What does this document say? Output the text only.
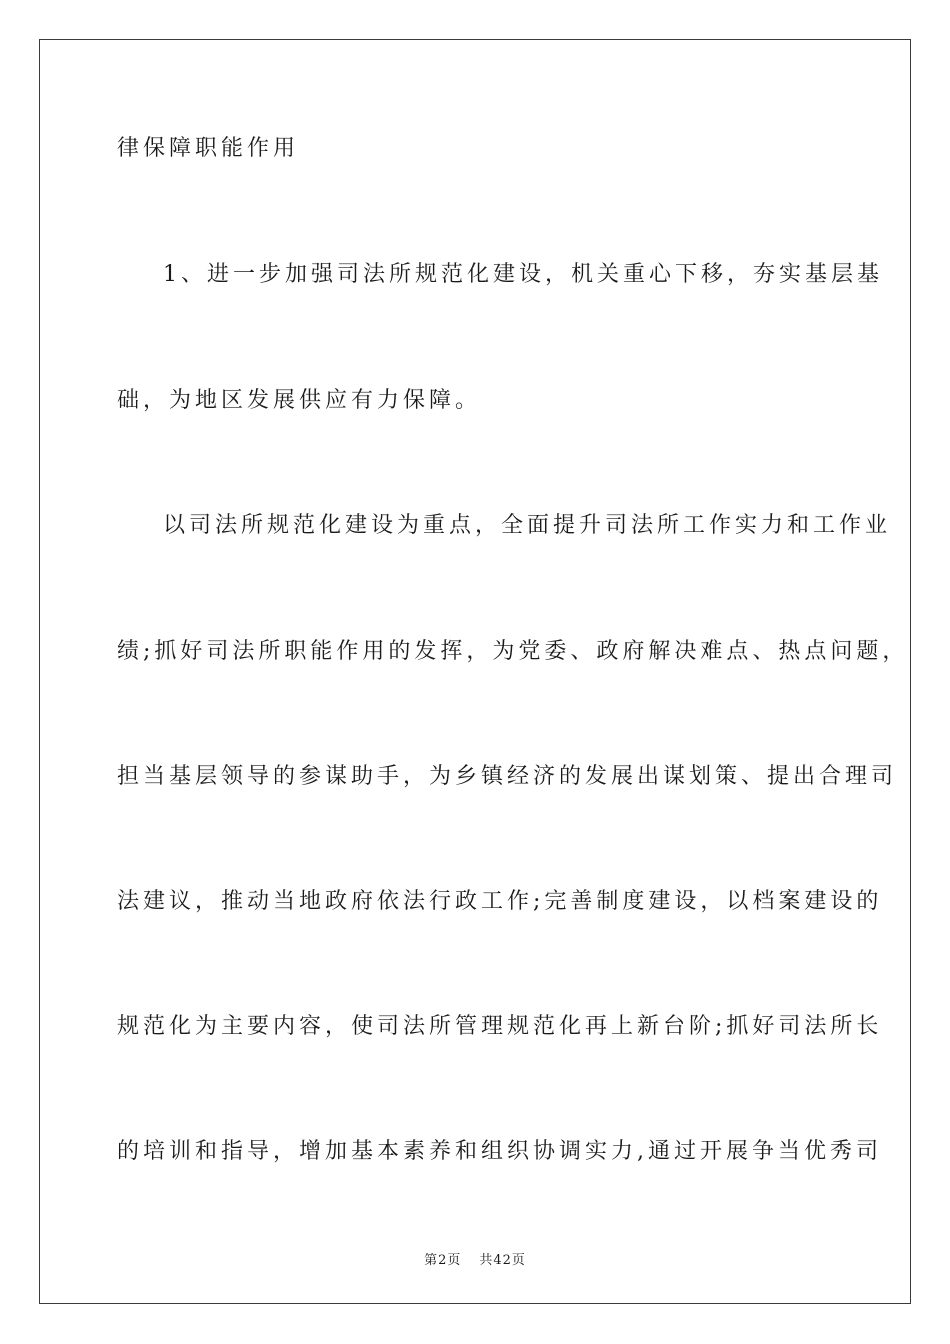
律保障职能作用
1、进一步加强司法所规范化建设，机关重心下移，夯实基层基
础，为地区发展供应有力保障。
以司法所规范化建设为重点，全面提升司法所工作实力和工作业
绩;抓好司法所职能作用的发挥，为党委、政府解决难点、热点问题，
担当基层领导的参谋助手，为乡镇经济的发展出谋划策、提出合理司
法建议，推动当地政府依法行政工作;完善制度建设，以档案建设的
规范化为主要内容，使司法所管理规范化再上新台阶;抓好司法所长
的培训和指导，增加基本素养和组织协调实力,通过开展争当优秀司
第2页 共42页
